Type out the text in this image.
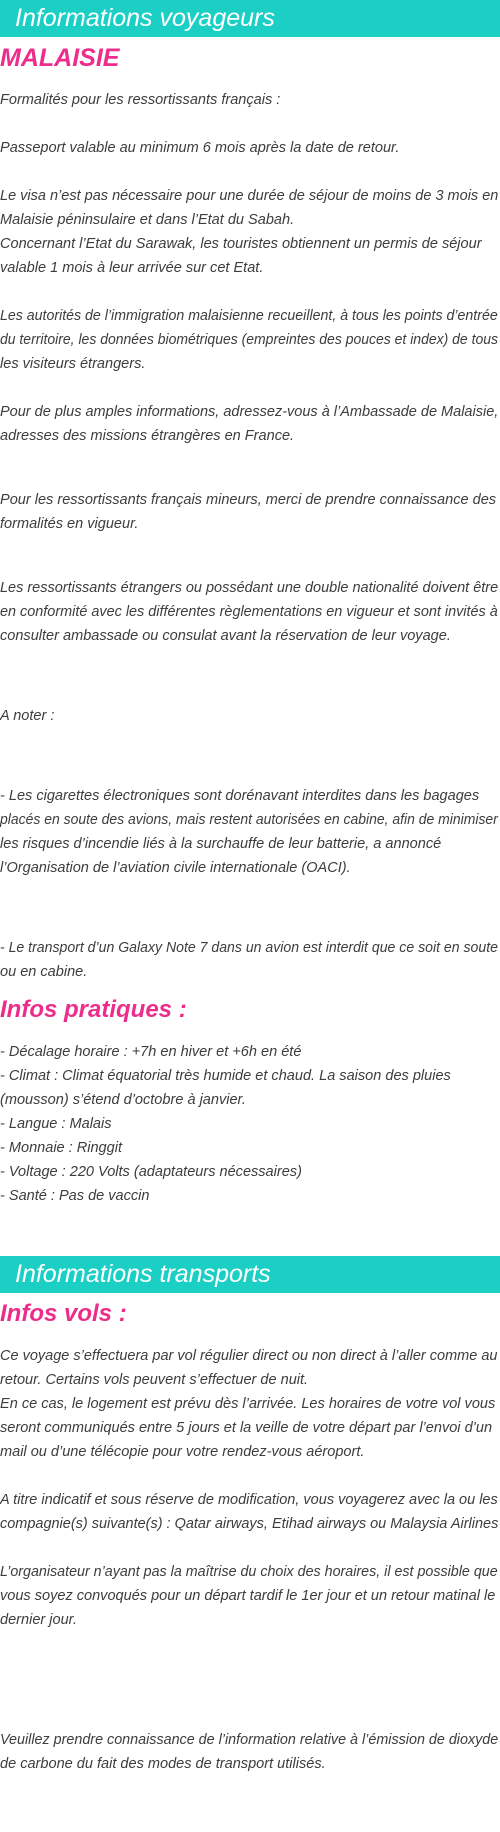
Informations voyageurs
MALAISIE
Formalités pour les ressortissants français :
Passeport valable au minimum 6 mois après la date de retour.
Le visa n’est pas nécessaire pour une durée de séjour de moins de 3 mois en
Malaisie péninsulaire et dans l’Etat du Sabah.
Concernant l’Etat du Sarawak, les touristes obtiennent un permis de séjour
valable 1 mois à leur arrivée sur cet Etat.
Les autorités de l’immigration malaisienne recueillent, à tous les points d’entrée
du territoire, les données biométriques (empreintes des pouces et index) de tous
les visiteurs étrangers.
Pour de plus amples informations, adressez-vous à l’Ambassade de Malaisie,
adresses des missions étrangères en France.
Pour les ressortissants français mineurs, merci de prendre connaissance des
formalités en vigueur.
Les ressortissants étrangers ou possédant une double nationalité doivent être
en conformité avec les différentes règlementations en vigueur et sont invités à
consulter ambassade ou consulat avant la réservation de leur voyage.
A noter :
- Les cigarettes électroniques sont dorénavant interdites dans les bagages
placés en soute des avions, mais restent autorisées en cabine, afin de minimiser
les risques d’incendie liés à la surchauffe de leur batterie, a annoncé
l’Organisation de l’aviation civile internationale (OACI).
- Le transport d’un Galaxy Note 7 dans un avion est interdit que ce soit en soute
ou en cabine.
Infos pratiques :
- Décalage horaire : +7h en hiver et +6h en été
- Climat : Climat équatorial très humide et chaud. La saison des pluies
(mousson) s’étend d’octobre à janvier.
- Langue : Malais
- Monnaie : Ringgit
- Voltage : 220 Volts (adaptateurs nécessaires)
- Santé : Pas de vaccin
Informations transports
Infos vols :
Ce voyage s’effectuera par vol régulier direct ou non direct à l’aller comme au
retour. Certains vols peuvent s’effectuer de nuit.
En ce cas, le logement est prévu dès l’arrivée. Les horaires de votre vol vous
seront communiqués entre 5 jours et la veille de votre départ par l’envoi d’un
mail ou d’une télécopie pour votre rendez-vous aéroport.
A titre indicatif et sous réserve de modification, vous voyagerez avec la ou les
compagnie(s) suivante(s) : Qatar airways, Etihad airways ou Malaysia Airlines
L’organisateur n’ayant pas la maîtrise du choix des horaires, il est possible que
vous soyez convoqués pour un départ tardif le 1er jour et un retour matinal le
dernier jour.
Veuillez prendre connaissance de l’information relative à l’émission de dioxyde
de carbone du fait des modes de transport utilisés.
